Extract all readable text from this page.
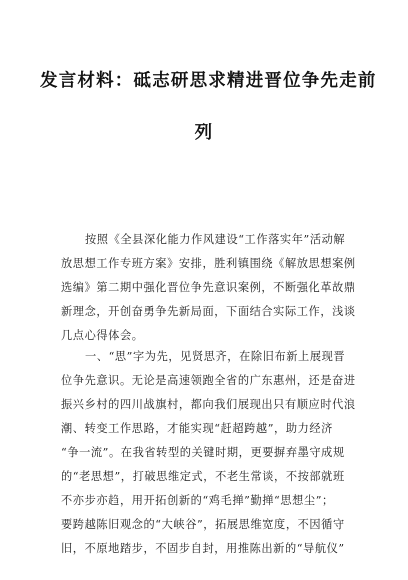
发言材料：砥志研思求精进晋位争先走前
列
按照《全县深化能力作风建设“工作落实年”活动解
放思想工作专班方案》安排，胜利镇围绕《解放思想案例
选编》第二期中强化晋位争先意识案例，不断强化革故鼎
新理念，开创奋勇争先新局面，下面结合实际工作，浅谈
几点心得体会。
一、“思”字为先，见贤思齐，在除旧布新上展现晋
位争先意识。无论是高速领跑全省的广东惠州，还是奋进
振兴乡村的四川战旗村，都向我们展现出只有顺应时代浪
潮、转变工作思路，才能实现“赶超跨越”，助力经济
“争一流”。在我省转型的关键时期，更要摒弃墨守成规
的“老思想”，打破思维定式，不老生常谈，不按部就班
不亦步亦趋，用开拓创新的“鸡毛掸”勤掸“思想尘”；
要跨越陈旧观念的“大峡谷”，拓展思维宽度，不因循守
旧，不原地踏步，不固步自封，用推陈出新的“导航仪”
